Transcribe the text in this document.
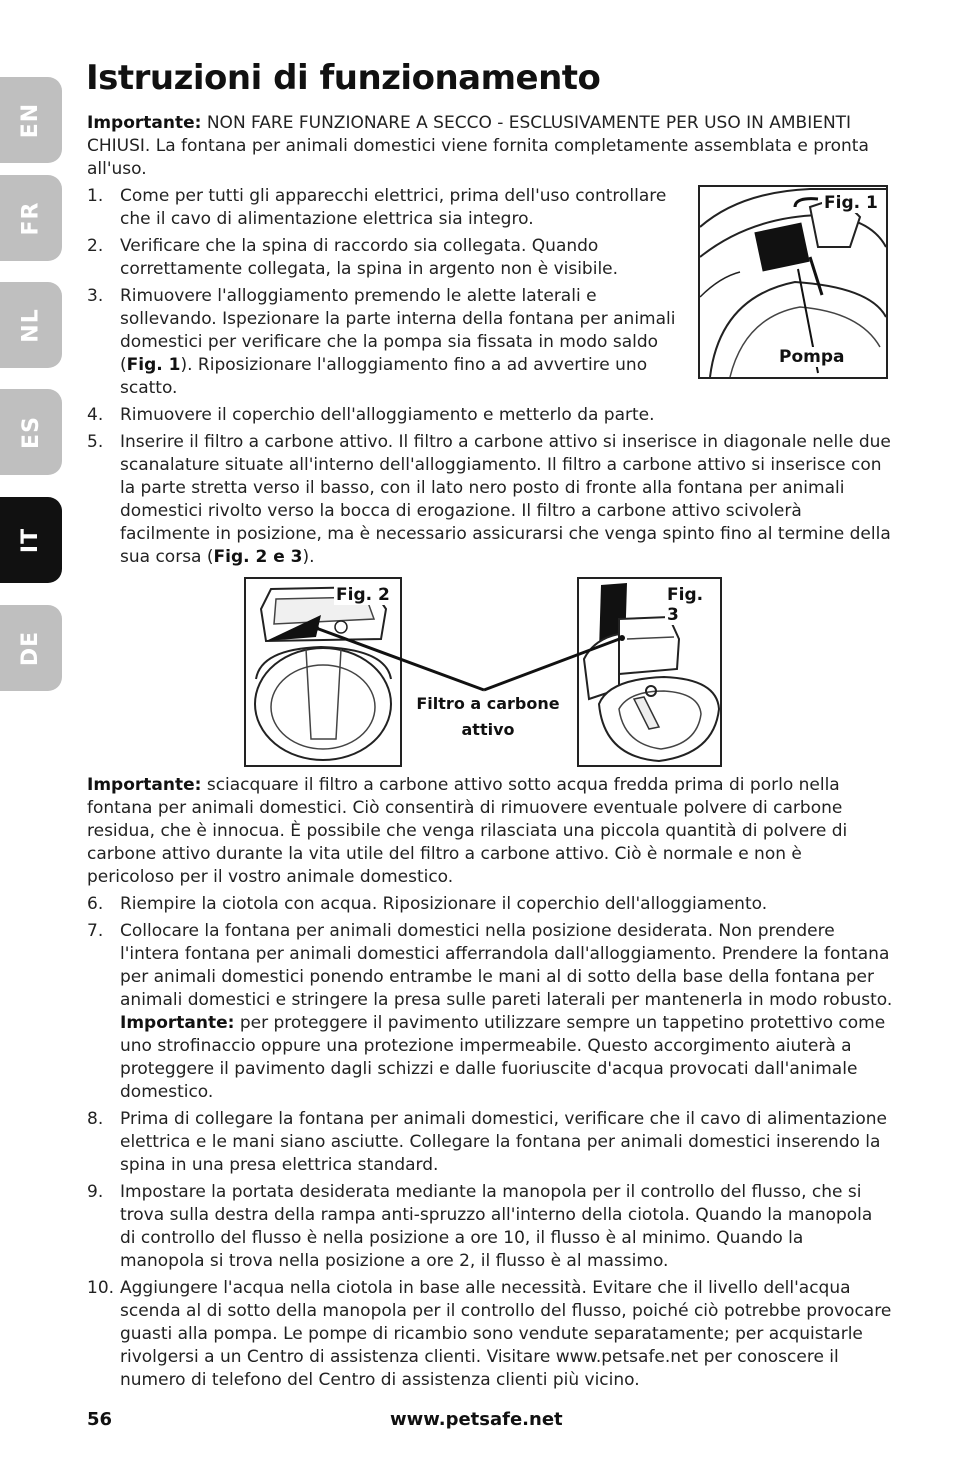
EN
FR
NL
ES
IT
DE
Istruzioni di funzionamento

Importante: NON FARE FUNZIONARE A SECCO - ESCLUSIVAMENTE PER USO IN AMBIENTI CHIUSI. La fontana per animali domestici viene fornita completamente assemblata e pronta all'uso.

1. Come per tutti gli apparecchi elettrici, prima dell'uso controllare che il cavo di alimentazione elettrica sia integro.
2. Verificare che la spina di raccordo sia collegata. Quando correttamente collegata, la spina in argento non è visibile.
3. Rimuovere l'alloggiamento premendo le alette laterali e sollevando. Ispezionare la parte interna della fontana per animali domestici per verificare che la pompa sia fissata in modo saldo (Fig. 1). Riposizionare l'alloggiamento fino a ad avvertire uno scatto.
Fig. 1
Pompa
4. Rimuovere il coperchio dell'alloggiamento e metterlo da parte.
5. Inserire il filtro a carbone attivo. Il filtro a carbone attivo si inserisce in diagonale nelle due scanalature situate all'interno dell'alloggiamento. Il filtro a carbone attivo si inserisce con la parte stretta verso il basso, con il lato nero posto di fronte alla fontana per animali domestici rivolto verso la bocca di erogazione. Il filtro a carbone attivo scivolerà facilmente in posizione, ma è necessario assicurarsi che venga spinto fino al termine della sua corsa (Fig. 2 e 3).
Fig. 2	Fig. 3
Filtro a carbone
attivo

Importante: sciacquare il filtro a carbone attivo sotto acqua fredda prima di porlo nella fontana per animali domestici. Ciò consentirà di rimuovere eventuale polvere di carbone residua, che è innocua. È possibile che venga rilasciata una piccola quantità di polvere di carbone attivo durante la vita utile del filtro a carbone attivo. Ciò è normale e non è pericoloso per il vostro animale domestico.

6. Riempire la ciotola con acqua. Riposizionare il coperchio dell'alloggiamento.
7. Collocare la fontana per animali domestici nella posizione desiderata. Non prendere l'intera fontana per animali domestici afferrandola dall'alloggiamento. Prendere la fontana per animali domestici ponendo entrambe le mani al di sotto della base della fontana per animali domestici e stringere la presa sulle pareti laterali per mantenerla in modo robusto. Importante: per proteggere il pavimento utilizzare sempre un tappetino protettivo come uno strofinaccio oppure una protezione impermeabile. Questo accorgimento aiuterà a proteggere il pavimento dagli schizzi e dalle fuoriuscite d'acqua provocati dall'animale domestico.
8. Prima di collegare la fontana per animali domestici, verificare che il cavo di alimentazione elettrica e le mani siano asciutte. Collegare la fontana per animali domestici inserendo la spina in una presa elettrica standard.
9. Impostare la portata desiderata mediante la manopola per il controllo del flusso, che si trova sulla destra della rampa anti-spruzzo all'interno della ciotola. Quando la manopola di controllo del flusso è nella posizione a ore 10, il flusso è al minimo. Quando la manopola si trova nella posizione a ore 2, il flusso è al massimo.
10. Aggiungere l'acqua nella ciotola in base alle necessità. Evitare che il livello dell'acqua scenda al di sotto della manopola per il controllo del flusso, poiché ciò potrebbe provocare guasti alla pompa. Le pompe di ricambio sono vendute separatamente; per acquistarle rivolgersi a un Centro di assistenza clienti. Visitare www.petsafe.net per conoscere il numero di telefono del Centro di assistenza clienti più vicino.
56	www.petsafe.net
